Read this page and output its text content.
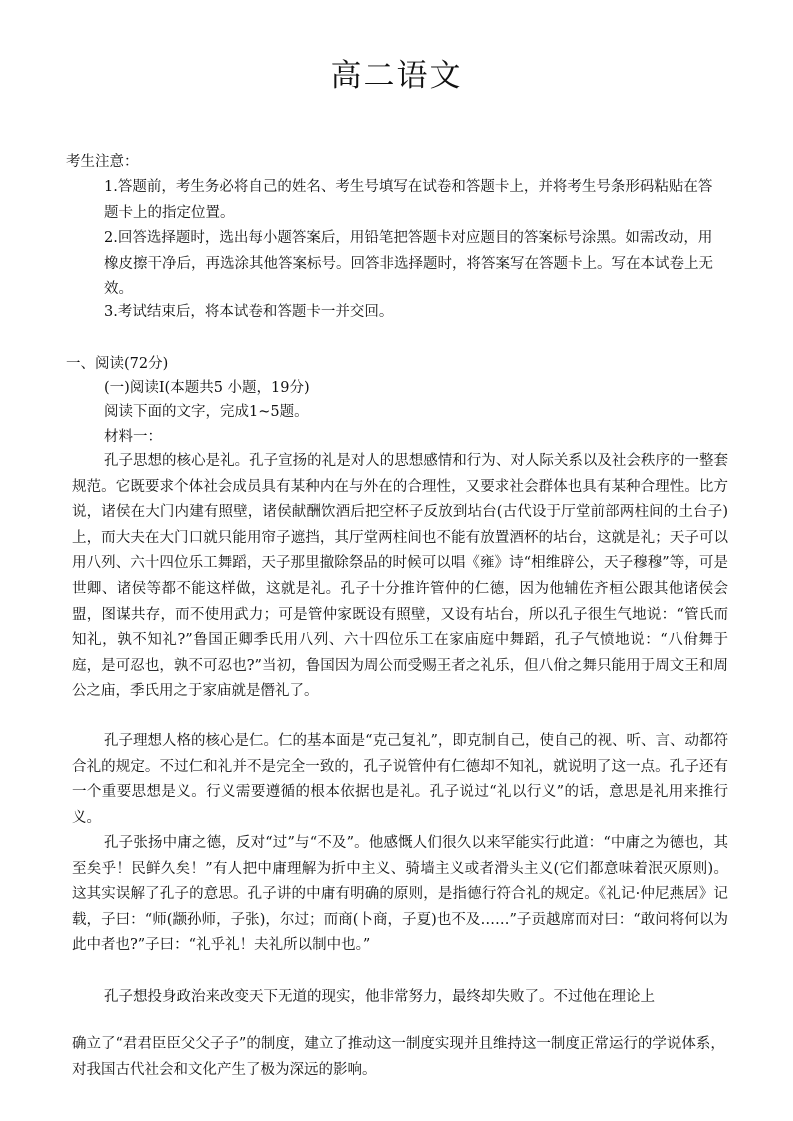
高二语文
考生注意：
1.答题前，考生务必将自己的姓名、考生号填写在试卷和答题卡上，并将考生号条形码粘贴在答题卡上的指定位置。
2.回答选择题时，选出每小题答案后，用铅笔把答题卡对应题目的答案标号涂黑。如需改动，用橡皮擦干净后，再选涂其他答案标号。回答非选择题时，将答案写在答题卡上。写在本试卷上无效。
3.考试结束后，将本试卷和答题卡一并交回。
一、阅读(72分)
(一)阅读Ⅰ(本题共5 小题，19分)
阅读下面的文字，完成1~5题。
材料一：
孔子思想的核心是礼。孔子宣扬的礼是对人的思想感情和行为、对人际关系以及社会秩序的一整套规范。它既要求个体社会成员具有某种内在与外在的合理性，又要求社会群体也具有某种合理性。比方说，诸侯在大门内建有照壁，诸侯献酬饮酒后把空杯子反放到坫台(古代设于厅堂前部两柱间的土台子)上，而大夫在大门口就只能用帘子遮挡，其厅堂两柱间也不能有放置酒杯的坫台，这就是礼；天子可以用八列、六十四位乐工舞蹈，天子那里撤除祭品的时候可以唱《雍》诗“相维辟公，天子穆穆”等，可是世卿、诸侯等都不能这样做，这就是礼。孔子十分推许管仲的仁德，因为他辅佐齐桓公跟其他诸侯会盟，图谋共存，而不使用武力；可是管仲家既设有照壁，又设有坫台，所以孔子很生气地说：“管氏而知礼，孰不知礼?”鲁国正卿季氏用八列、六十四位乐工在家庙庭中舞蹈，孔子气愤地说：“八佾舞于庭，是可忍也，孰不可忍也?”当初，鲁国因为周公而受赐王者之礼乐，但八佾之舞只能用于周文王和周公之庙，季氏用之于家庙就是僭礼了。
孔子理想人格的核心是仁。仁的基本面是“克己复礼”，即克制自己，使自己的视、听、言、动都符合礼的规定。不过仁和礼并不是完全一致的，孔子说管仲有仁德却不知礼，就说明了这一点。孔子还有一个重要思想是义。行义需要遵循的根本依据也是礼。孔子说过“礼以行义”的话，意思是礼用来推行义。
孔子张扬中庸之德，反对“过”与“不及”。他感慨人们很久以来罕能实行此道：“中庸之为德也，其至矣乎！民鲜久矣！”有人把中庸理解为折中主义、骑墙主义或者滑头主义(它们都意味着泯灭原则)。这其实误解了孔子的意思。孔子讲的中庸有明确的原则，是指德行符合礼的规定。《礼记·仲尼燕居》记载，子曰：“师(颛孙师，子张)，尔过；而商(卜商，子夏)也不及……”子贡越席而对曰：“敢问将何以为此中者也?”子曰：“礼乎礼！夫礼所以制中也。”
孔子想投身政治来改变天下无道的现实，他非常努力，最终却失败了。不过他在理论上
确立了“君君臣臣父父子子”的制度，建立了推动这一制度实现并且维持这一制度正常运行的学说体系，对我国古代社会和文化产生了极为深远的影响。
